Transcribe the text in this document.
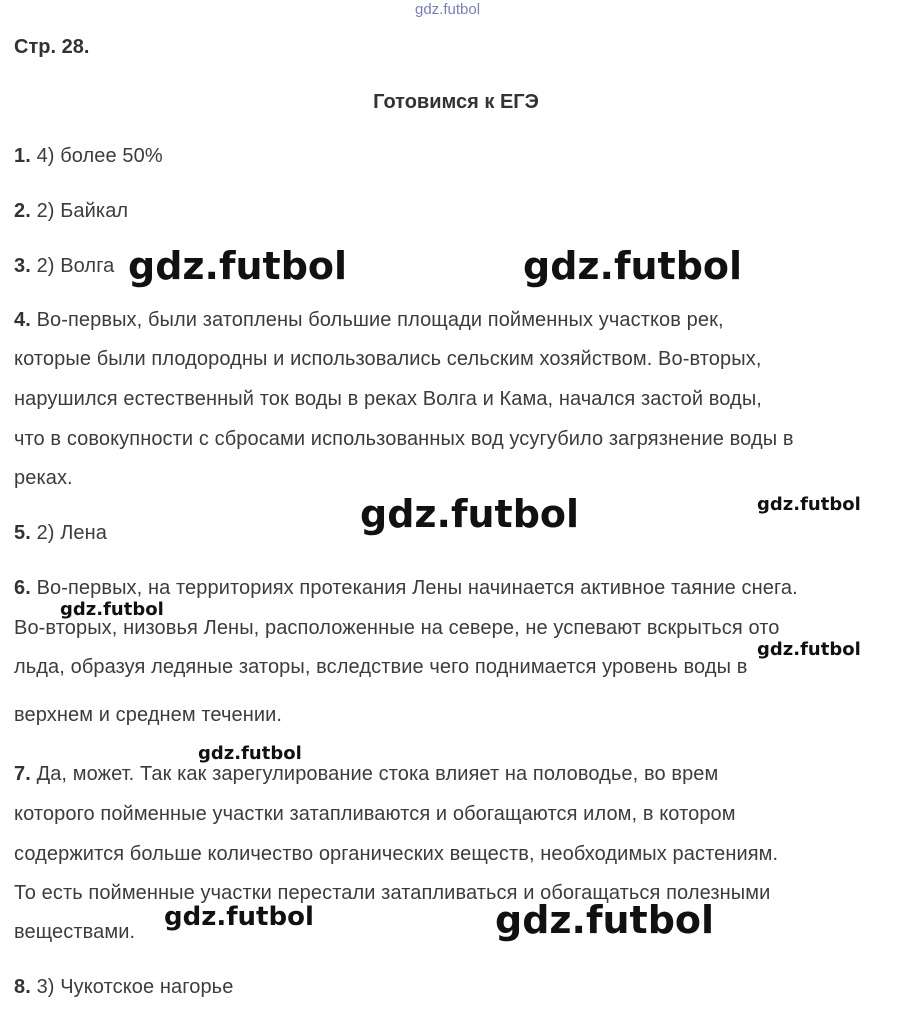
gdz.futbol
Стр. 28.
Готовимся к ЕГЭ
1. 4) более 50%
2. 2) Байкал
3. 2) Волга
4. Во-первых, были затоплены большие площади пойменных участков рек,
которые были плодородны и использовались сельским хозяйством. Во-вторых,
нарушился естественный ток воды в реках Волга и Кама, начался застой воды,
что в совокупности с сбросами использованных вод усугубило загрязнение воды в
реках.
5. 2) Лена
6. Во-первых, на территориях протекания Лены начинается активное таяние снега.
Во-вторых, низовья Лены, расположенные на севере, не успевают вскрыться ото
льда, образуя ледяные заторы, вследствие чего поднимается уровень воды в
верхнем и среднем течении.
7. Да, может. Так как зарегулирование стока влияет на половодье, во врем
которого пойменные участки затапливаются и обогащаются илом, в котором
содержится больше количество органических веществ, необходимых растениям.
То есть пойменные участки перестали затапливаться и обогащаться полезными
веществами.
8. 3) Чукотское нагорье
gdz.futbol	gdz.futbol
gdz.futbol	gdz.futbol
gdz.futbol
gdz.futbol
gdz.futbol
gdz.futbol	gdz.futbol
